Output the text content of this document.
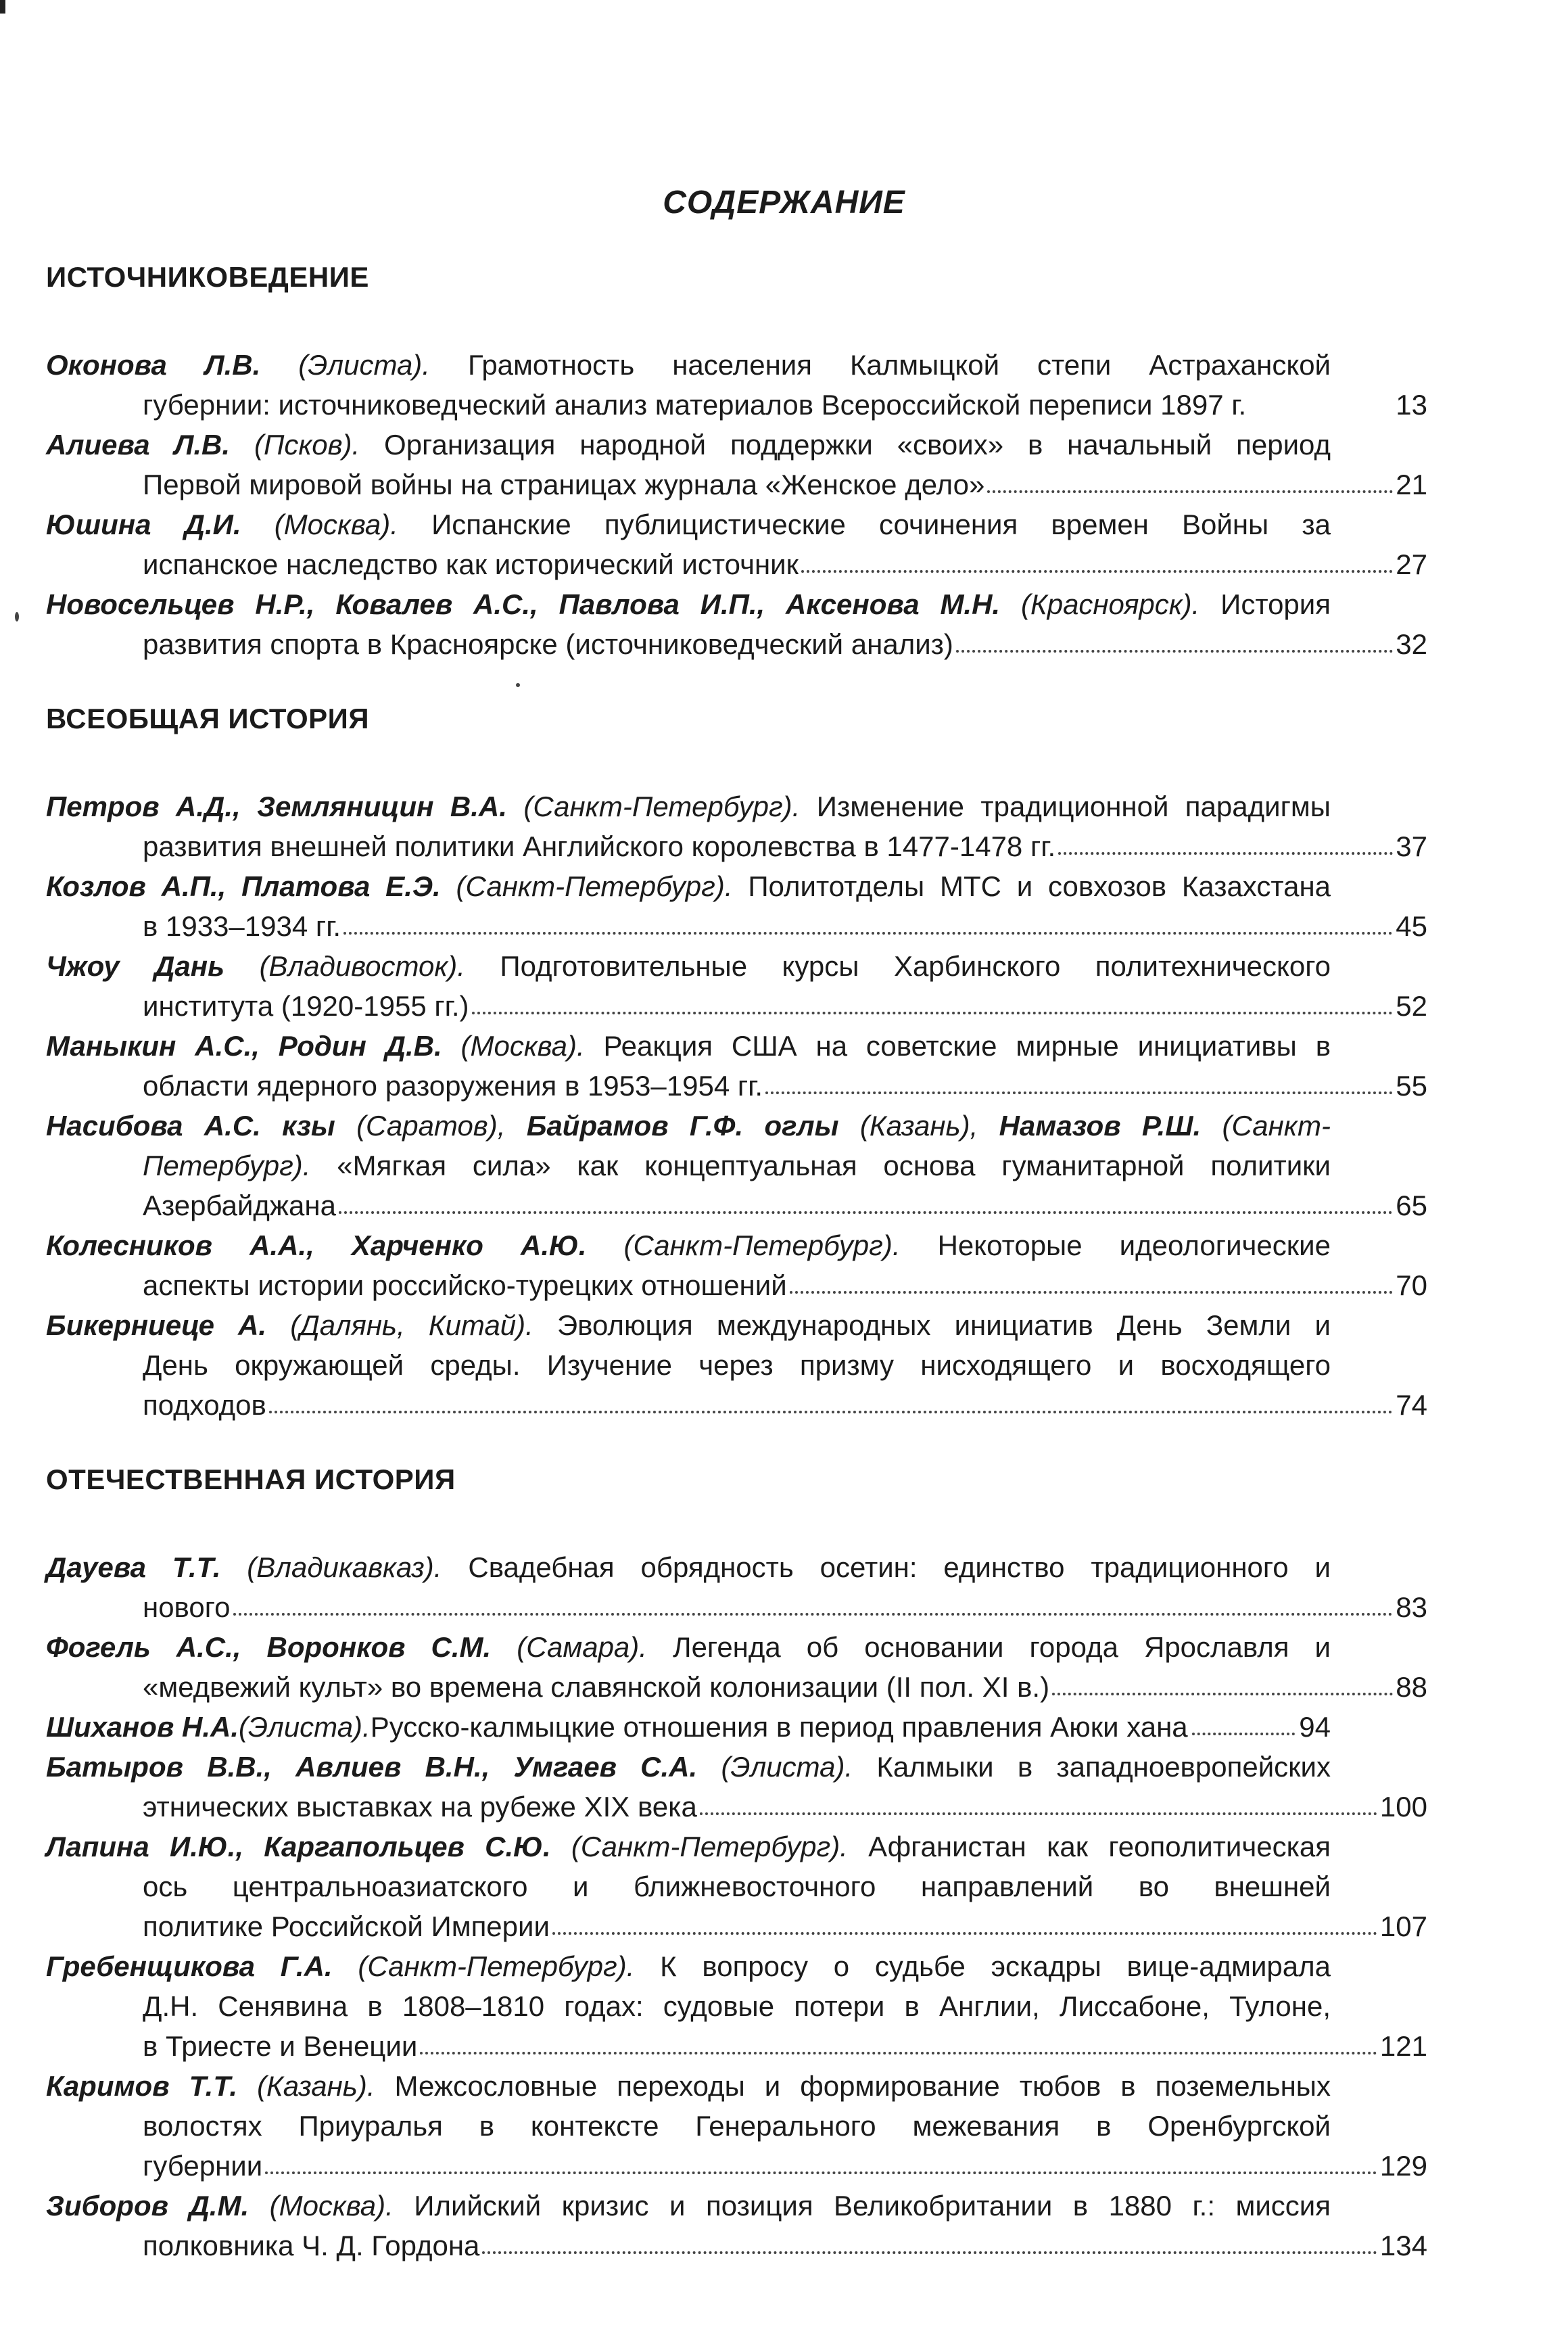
СОДЕРЖАНИЕ
ИСТОЧНИКОВЕДЕНИЕ
Оконова Л.В. (Элиста). Грамотность населения Калмыцкой степи Астраханской
губернии: источниковедческий анализ материалов Всероссийской переписи 1897 г.	13
Алиева Л.В. (Псков). Организация народной поддержки «своих» в начальный период
Первой мировой войны на страницах журнала «Женское дело»	21
Юшина Д.И. (Москва). Испанские публицистические сочинения времен Войны за
испанское наследство как исторический источник	27
Новосельцев Н.Р., Ковалев А.С., Павлова И.П., Аксенова М.Н. (Красноярск). История
развития спорта в Красноярске (источниковедческий анализ)	32
ВСЕОБЩАЯ ИСТОРИЯ
Петров А.Д., Земляницин В.А. (Санкт-Петербург). Изменение традиционной парадигмы
развития внешней политики Английского королевства в 1477-1478 гг.	37
Козлов А.П., Платова Е.Э. (Санкт-Петербург). Политотделы МТС и совхозов Казахстана
в 1933–1934 гг.	45
Чжоу Дань (Владивосток). Подготовительные курсы Харбинского политехнического
института (1920-1955 гг.)	52
Маныкин А.С., Родин Д.В. (Москва). Реакция США на советские мирные инициативы в
области ядерного разоружения в 1953–1954 гг.	55
Насибова А.С. кзы (Саратов), Байрамов Г.Ф. оглы (Казань), Намазов Р.Ш. (Санкт-
Петербург). «Мягкая сила» как концептуальная основа гуманитарной политики
Азербайджана	65
Колесников А.А., Харченко А.Ю. (Санкт-Петербург). Некоторые идеологические
аспекты истории российско-турецких отношений	70
Бикерниеце А. (Далянь, Китай). Эволюция международных инициатив День Земли и
День окружающей среды. Изучение через призму нисходящего и восходящего
подходов	74
ОТЕЧЕСТВЕННАЯ ИСТОРИЯ
Дауева Т.Т. (Владикавказ). Свадебная обрядность осетин: единство традиционного и
нового	83
Фогель А.С., Воронков С.М. (Самара). Легенда об основании города Ярославля и
«медвежий культ» во времена славянской колонизации (II пол. XI в.)	88
Шиханов Н.А. (Элиста). Русско-калмыцкие отношения в период правления Аюки хана	94
Батыров В.В., Авлиев В.Н., Умгаев С.А. (Элиста). Калмыки в западноевропейских
этнических выставках на рубеже XIX века	100
Лапина И.Ю., Каргапольцев С.Ю. (Санкт-Петербург). Афганистан как геополитическая
ось центральноазиатского и ближневосточного направлений во внешней
политике Российской Империи	107
Гребенщикова Г.А. (Санкт-Петербург). К вопросу о судьбе эскадры вице-адмирала
Д.Н. Сенявина в 1808–1810 годах: судовые потери в Англии, Лиссабоне, Тулоне,
в Триесте и Венеции	121
Каримов Т.Т. (Казань). Межсословные переходы и формирование тюбов в поземельных
волостях Приуралья в контексте Генерального межевания в Оренбургской
губернии	129
Зиборов Д.М. (Москва). Илийский кризис и позиция Великобритании в 1880 г.: миссия
полковника Ч. Д. Гордона	134
